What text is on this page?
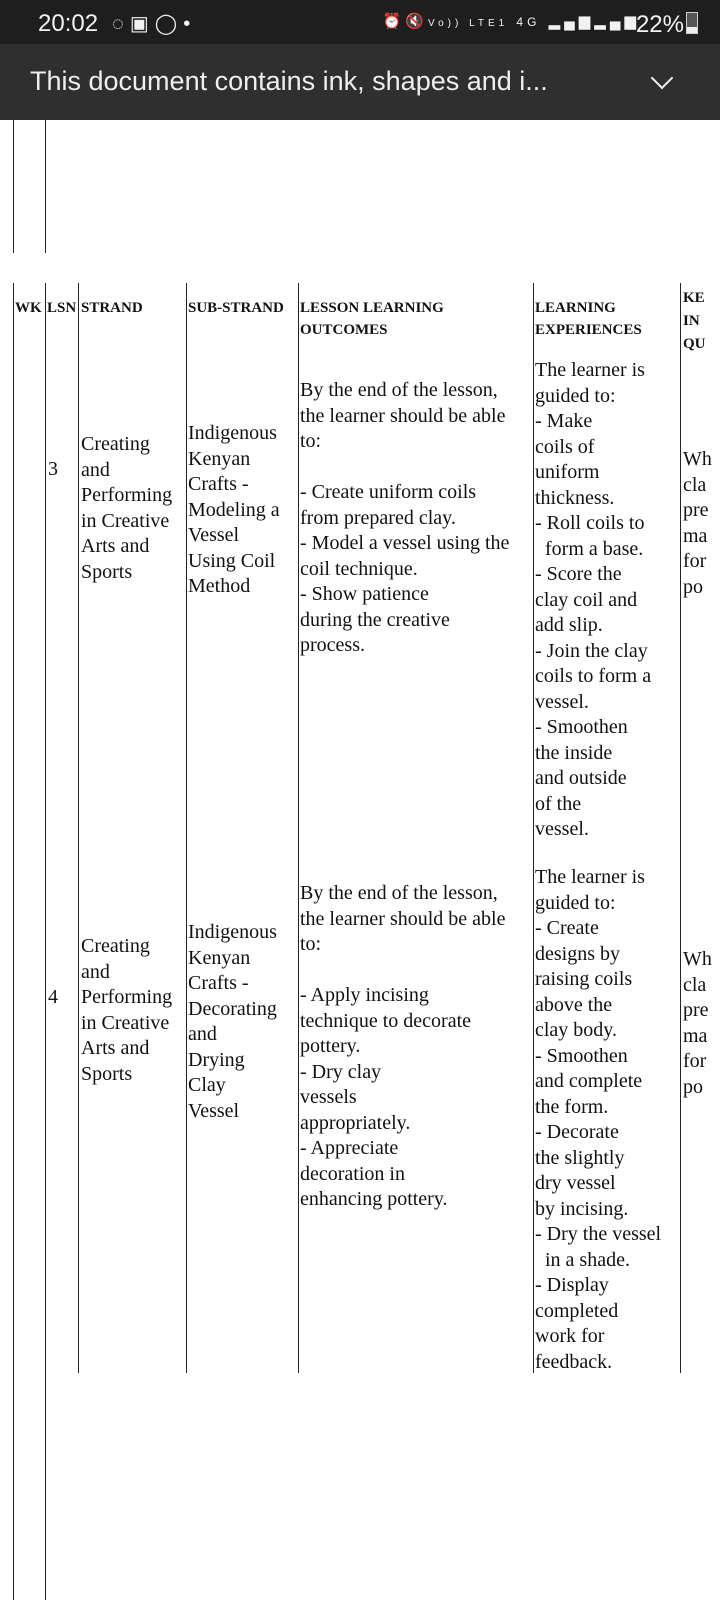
20:02 ◌▣◯•	⏰🔇Vo)) LTE1 4G ▂▄▆▂▄▆
22%
This document contains ink, shapes and i...
WK LSN STRAND	SUB-STRAND LESSON LEARNING
OUTCOMES
LEARNING
EXPERIENCES
KE
IN
QU
3
Creating
and
Performing
in Creative
Arts and
Sports
Indigenous
Kenyan
Crafts -
Modeling a
Vessel
Using Coil
Method
By the end of the lesson,
the learner should be able
to:

- Create uniform coils
from prepared clay.
- Model a vessel using the
coil technique.
- Show patience
during the creative
process.
The learner is
guided to:
- Make
coils of
uniform
thickness.
- Roll coils to
form a base.
- Score the
clay coil and
add slip.
- Join the clay
coils to form a
vessel.
- Smoothen
the inside
and outside
of the
vessel.
Wh
cla
pre
ma
for
po
4
Creating
and
Performing
in Creative
Arts and
Sports
Indigenous
Kenyan
Crafts -
Decorating
and
Drying
Clay
Vessel
By the end of the lesson,
the learner should be able
to:

- Apply incising
technique to decorate
pottery.
- Dry clay
vessels
appropriately.
- Appreciate
decoration in
enhancing pottery.
The learner is
guided to:
- Create
designs by
raising coils
above the
clay body.
- Smoothen
and complete
the form.
- Decorate
the slightly
dry vessel
by incising.
- Dry the vessel
in a shade.
- Display
completed
work for
feedback.
Wh
cla
pre
ma
for
po
